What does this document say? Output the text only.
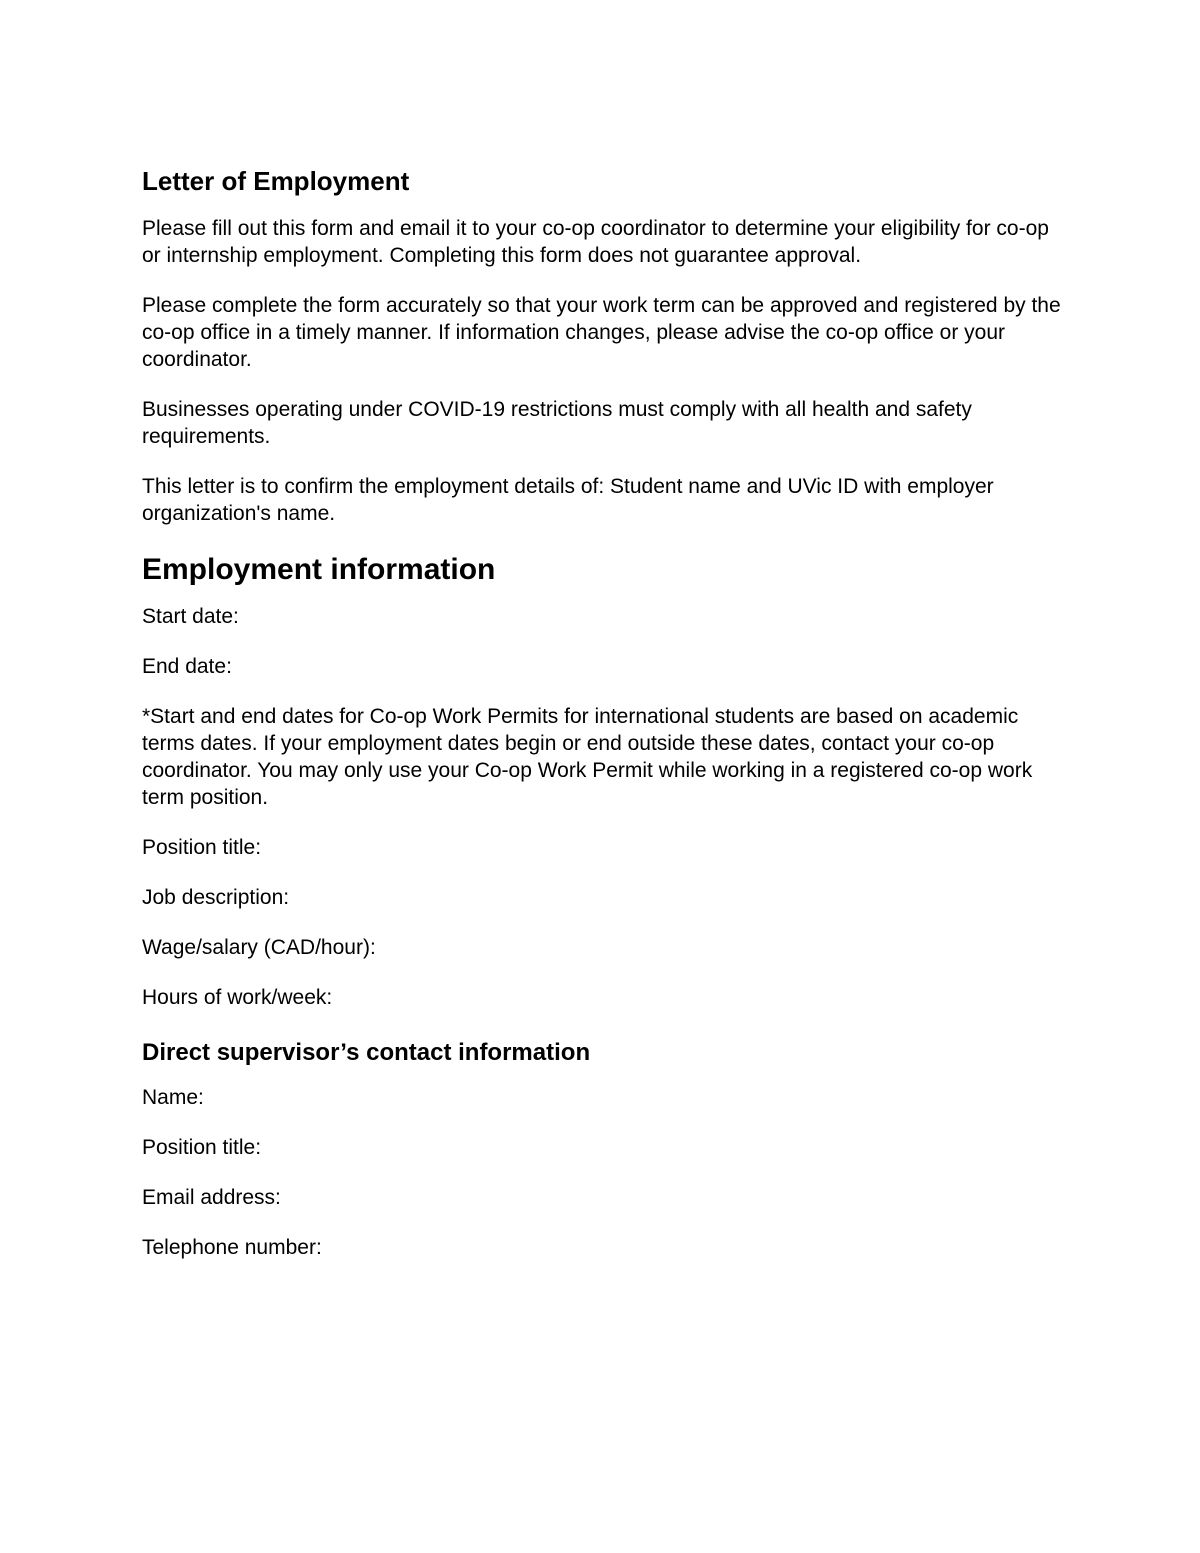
Letter of Employment

Please fill out this form and email it to your co-op coordinator to determine your eligibility for co-op or internship employment. Completing this form does not guarantee approval.

Please complete the form accurately so that your work term can be approved and registered by the co-op office in a timely manner. If information changes, please advise the co-op office or your coordinator.

Businesses operating under COVID-19 restrictions must comply with all health and safety requirements.

This letter is to confirm the employment details of: Student name and UVic ID with employer organization's name.

Employment information
Start date:
End date:

*Start and end dates for Co-op Work Permits for international students are based on academic terms dates. If your employment dates begin or end outside these dates, contact your co-op coordinator. You may only use your Co-op Work Permit while working in a registered co-op work term position.

Position title:
Job description:
Wage/salary (CAD/hour):
Hours of work/week:
Direct supervisor’s contact information
Name:
Position title:
Email address:
Telephone number:
